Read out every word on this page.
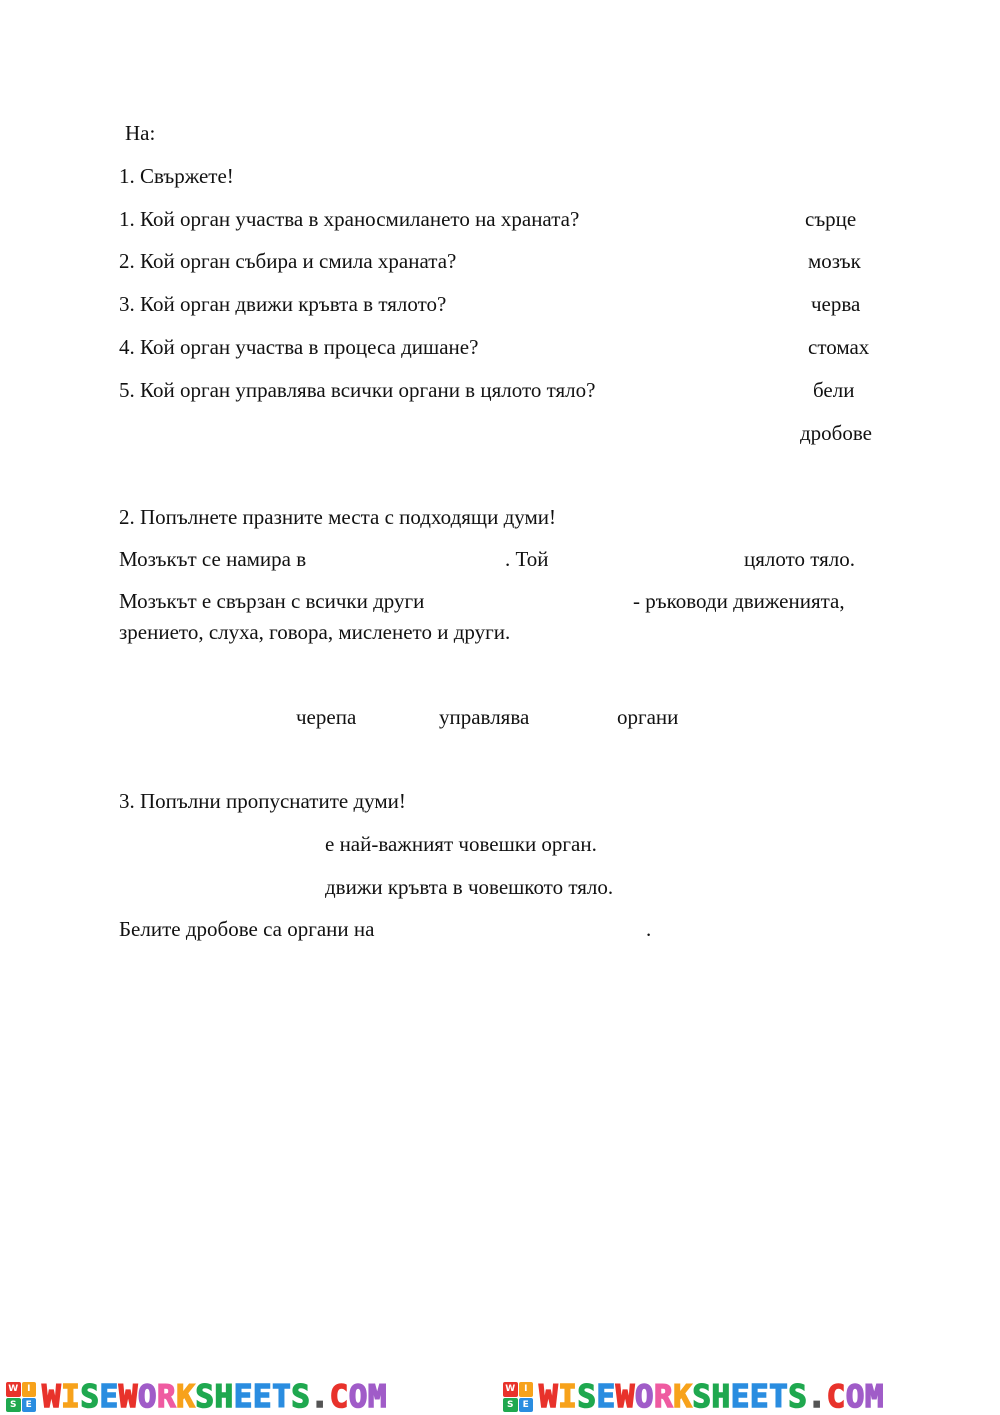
На:
1. Свържете!
1. Кой орган участва в храносмилането на храната?
2. Кой орган събира и смила храната?
3. Кой орган движи кръвта в тялото?
4. Кой орган участва в процеса дишане?
5. Кой орган управлява всички органи в цялото тяло?
сърце
мозък
черва
стомах
бели
дробове
2. Попълнете празните места с подходящи думи!
Мозъкът се намира в	. Той	цялото тяло.
Мозъкът е свързан с всички други	- ръководи движенията,
зрението, слуха, говора, мисленето и други.
черепа	управлява	органи
3. Попълни пропуснатите думи!
е най-важният човешки орган.
движи кръвта в човешкото тяло.
Белите дробове са органи на	.
W I
S	E WISEWORKSHEETS.COM	W I
S	E WISEWORKSHEETS.COM
